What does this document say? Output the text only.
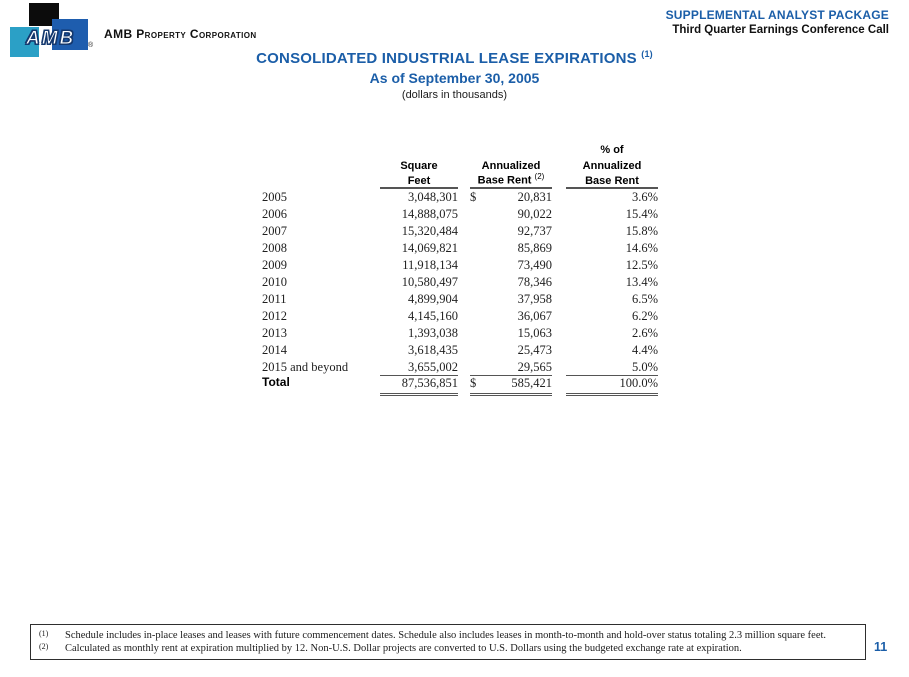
AMB ®
AMB Property Corporation
SUPPLEMENTAL ANALYST PACKAGE
Third Quarter Earnings Conference Call
CONSOLIDATED INDUSTRIAL LEASE EXPIRATIONS $^{(1)}$
As of September 30, 2005
(dollars in thousands)
						% of
	Square		Annualized			Annualized
	Feet		Base Rent $^{(2)}$			Base Rent
2005	3,048,301		$	20,831		3.6%
2006	14,888,075			90,022		15.4%
2007	15,320,484			92,737		15.8%
2008	14,069,821			85,869		14.6%
2009	11,918,134			73,490		12.5%
2010	10,580,497			78,346		13.4%
2011	4,899,904			37,958		6.5%
2012	4,145,160			36,067		6.2%
2013	1,393,038			15,063		2.6%
2014	3,618,435			25,473		4.4%
2015 and beyond	3,655,002			29,565		5.0%
Total	87,536,851		$	585,421		100.0%
(1)	Schedule includes in-place leases and leases with future commencement dates. Schedule also includes leases in month-to-month and hold-over status totaling 2.3 million square feet.
(2)	Calculated as monthly rent at expiration multiplied by 12. Non-U.S. Dollar projects are converted to U.S. Dollars using the budgeted exchange rate at expiration.	11
